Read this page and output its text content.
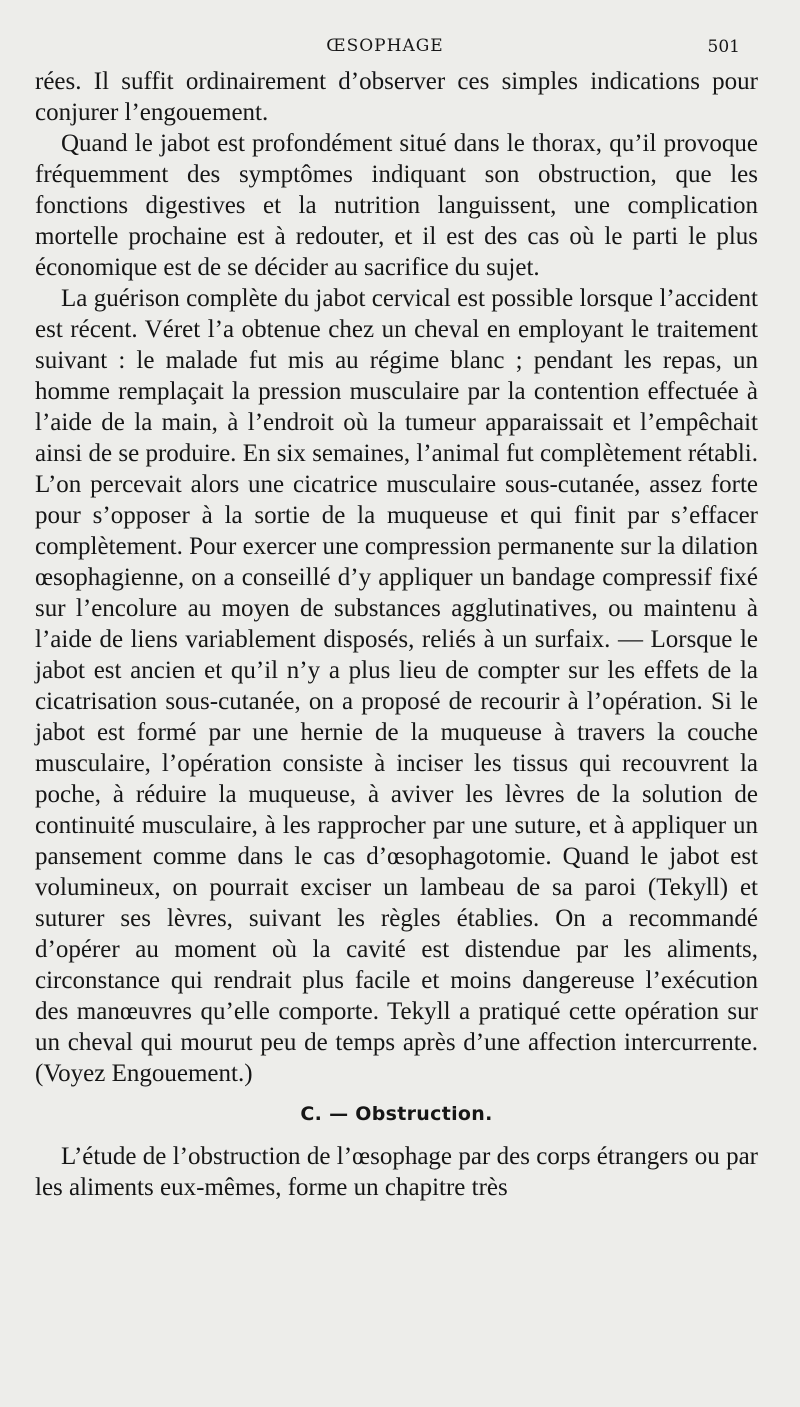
ŒSOPHAGE	501

rées. Il suffit ordinairement d’observer ces simples indications pour conjurer l’engouement.

Quand le jabot est profondément situé dans le thorax, qu’il provoque fréquemment des symptômes indiquant son obstruction, que les fonctions digestives et la nutrition languissent, une complication mortelle prochaine est à redouter, et il est des cas où le parti le plus économique est de se décider au sacrifice du sujet.

La guérison complète du jabot cervical est possible lorsque l’accident est récent. Véret l’a obtenue chez un cheval en employant le traitement suivant : le malade fut mis au régime blanc ; pendant les repas, un homme remplaçait la pression musculaire par la contention effectuée à l’aide de la main, à l’endroit où la tumeur apparaissait et l’empêchait ainsi de se produire. En six semaines, l’animal fut complètement rétabli. L’on percevait alors une cicatrice musculaire sous-cutanée, assez forte pour s’opposer à la sortie de la muqueuse et qui finit par s’effacer complètement. Pour exercer une compression permanente sur la dilation œsophagienne, on a conseillé d’y appliquer un bandage compressif fixé sur l’encolure au moyen de substances agglutinatives, ou maintenu à l’aide de liens variablement disposés, reliés à un surfaix. — Lorsque le jabot est ancien et qu’il n’y a plus lieu de compter sur les effets de la cicatrisation sous-cutanée, on a proposé de recourir à l’opération. Si le jabot est formé par une hernie de la muqueuse à travers la couche musculaire, l’opération consiste à inciser les tissus qui recouvrent la poche, à réduire la muqueuse, à aviver les lèvres de la solution de continuité musculaire, à les rapprocher par une suture, et à appliquer un pansement comme dans le cas d’œsophagotomie. Quand le jabot est volumineux, on pourrait exciser un lambeau de sa paroi (Tekyll) et suturer ses lèvres, suivant les règles établies. On a recommandé d’opérer au moment où la cavité est distendue par les aliments, circonstance qui rendrait plus facile et moins dangereuse l’exécution des manœuvres qu’elle comporte. Tekyll a pratiqué cette opération sur un cheval qui mourut peu de temps après d’une affection intercurrente. (Voyez Engouement.)

C. — Obstruction.

L’étude de l’obstruction de l’œsophage par des corps étrangers ou par les aliments eux-mêmes, forme un chapitre très
